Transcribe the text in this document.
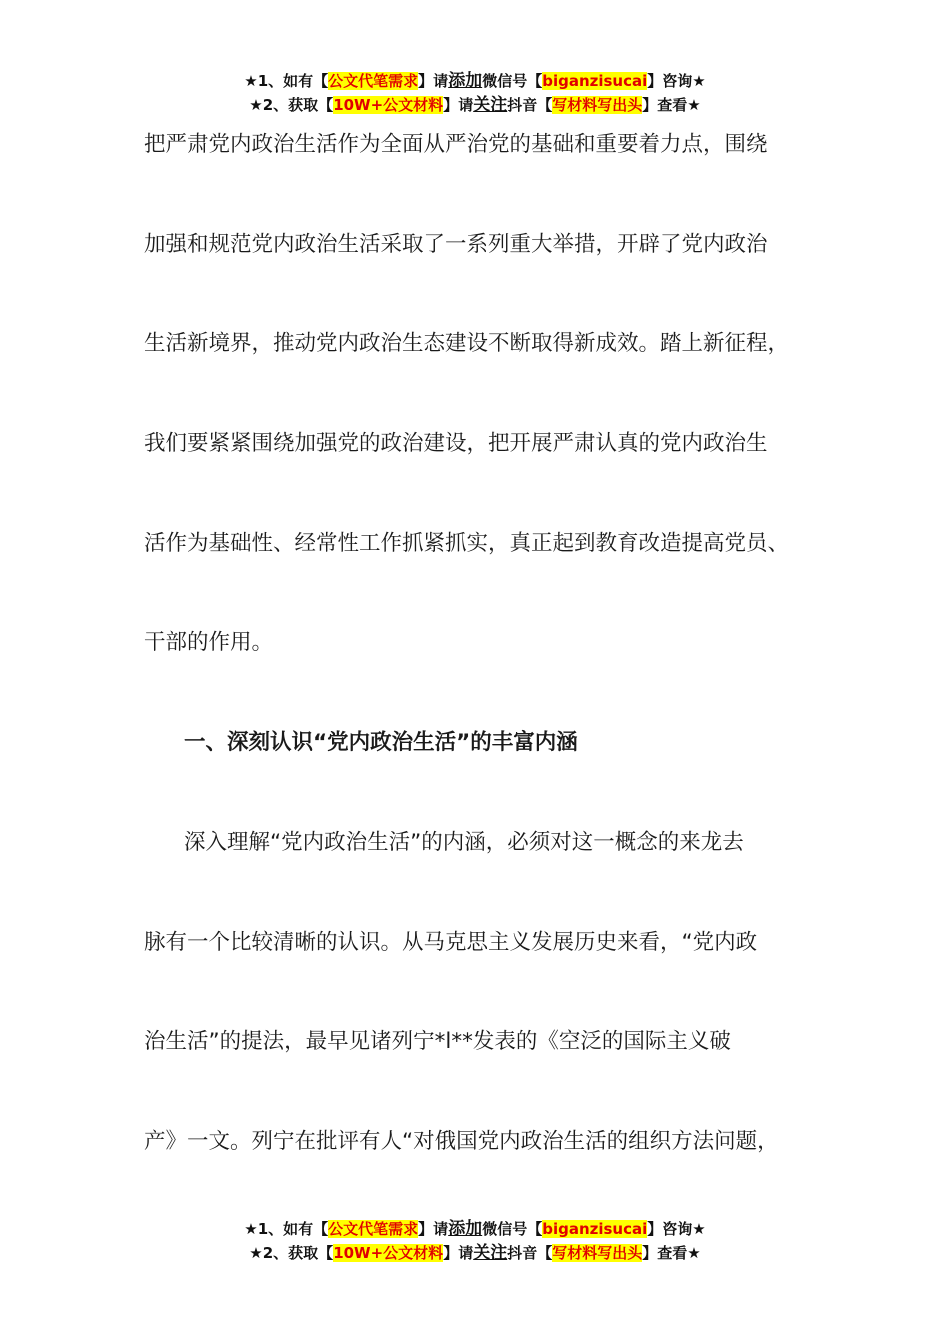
★1、如有【公文代笔需求】请添加微信号【biganzisucai】咨询★
★2、获取【10W+公文材料】请关注抖音【写材料写出头】查看★
把严肃党内政治生活作为全面从严治党的基础和重要着力点，围绕
加强和规范党内政治生活采取了一系列重大举措，开辟了党内政治
生活新境界，推动党内政治生态建设不断取得新成效。踏上新征程，
我们要紧紧围绕加强党的政治建设，把开展严肃认真的党内政治生
活作为基础性、经常性工作抓紧抓实，真正起到教育改造提高党员、
干部的作用。
一、深刻认识“党内政治生活”的丰富内涵
深入理解“党内政治生活”的内涵，必须对这一概念的来龙去
脉有一个比较清晰的认识。从马克思主义发展历史来看，“党内政
治生活”的提法，最早见诸列宁*l**发表的《空泛的国际主义破
产》一文。列宁在批评有人“对俄国党内政治生活的组织方法问题，
★1、如有【公文代笔需求】请添加微信号【biganzisucai】咨询★
★2、获取【10W+公文材料】请关注抖音【写材料写出头】查看★
